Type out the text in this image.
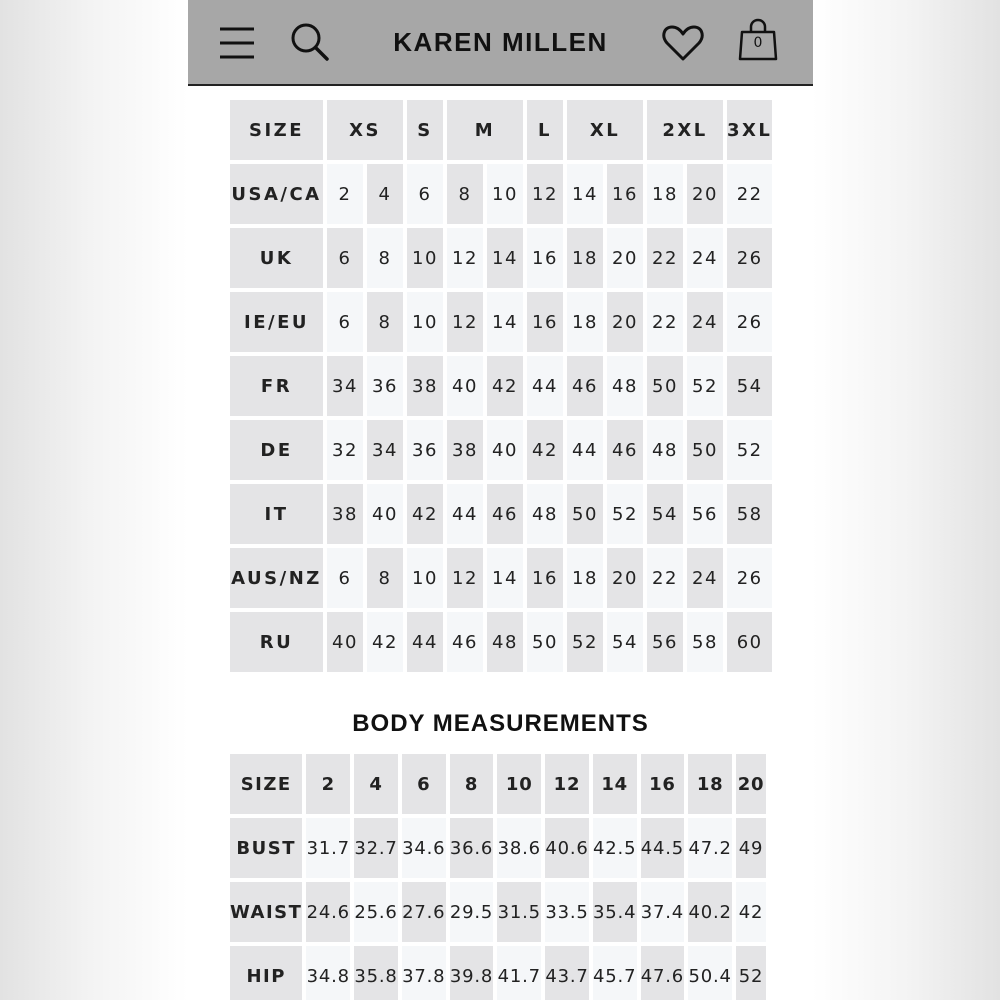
KAREN MILLEN	0
SIZE	XS		S	M		L	XL		2XL		3XL
USA/CA	2	4	6	8	10	12	14	16	18	20	22
UK	6	8	10	12	14	16	18	20	22	24	26
IE/EU	6	8	10	12	14	16	18	20	22	24	26
FR	34	36	38	40	42	44	46	48	50	52	54
DE	32	34	36	38	40	42	44	46	48	50	52
IT	38	40	42	44	46	48	50	52	54	56	58
AUS/NZ	6	8	10	12	14	16	18	20	22	24	26
RU	40	42	44	46	48	50	52	54	56	58	60
BODY MEASUREMENTS
SIZE	2	4	6	8	10	12	14	16	18	20
BUST	31.7	32.7	34.6	36.6	38.6	40.6	42.5	44.5	47.2	49
WAIST	24.6	25.6	27.6	29.5	31.5	33.5	35.4	37.4	40.2	42
HIP	34.8	35.8	37.8	39.8	41.7	43.7	45.7	47.6	50.4	52
